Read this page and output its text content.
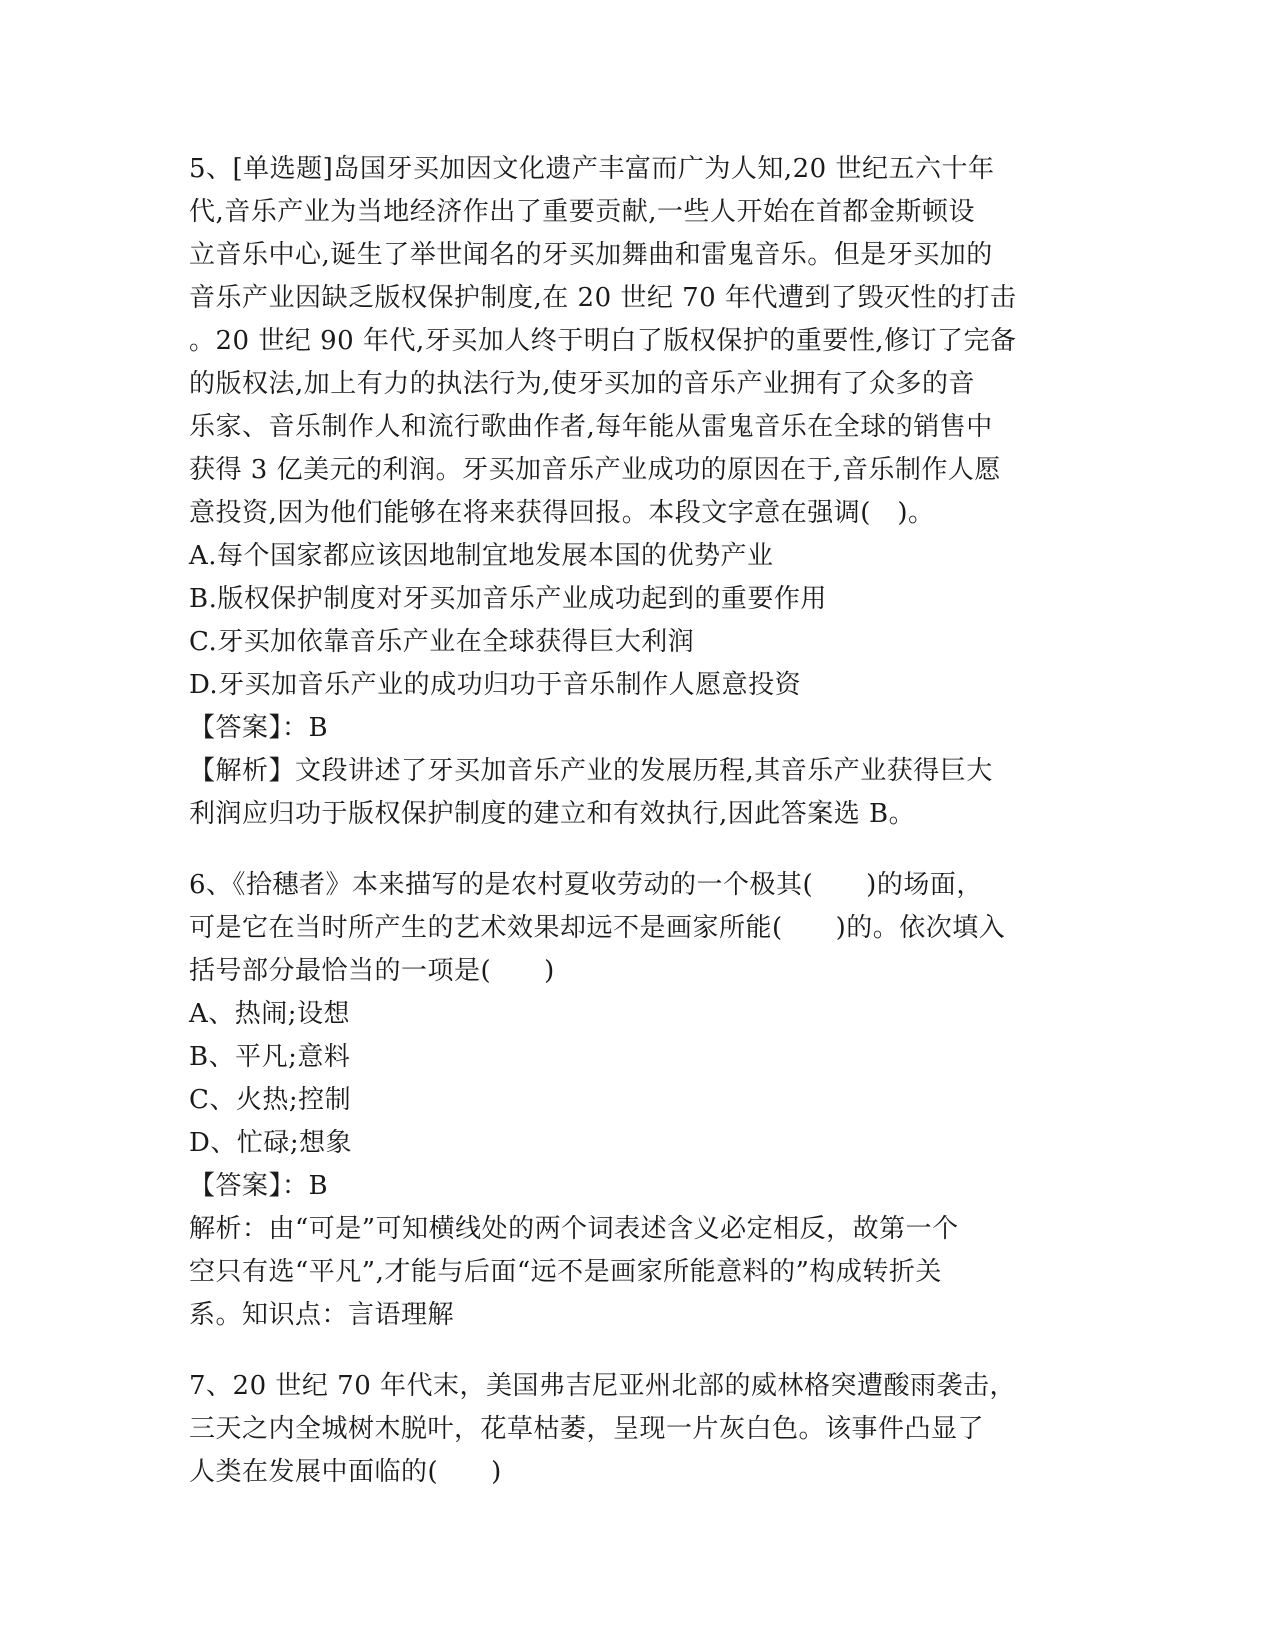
5、[单选题]岛国牙买加因文化遗产丰富而广为人知,20 世纪五六十年
代,音乐产业为当地经济作出了重要贡献,一些人开始在首都金斯顿设
立音乐中心,诞生了举世闻名的牙买加舞曲和雷鬼音乐。但是牙买加的
音乐产业因缺乏版权保护制度,在 20 世纪 70 年代遭到了毁灭性的打击
。20 世纪 90 年代,牙买加人终于明白了版权保护的重要性,修订了完备
的版权法,加上有力的执法行为,使牙买加的音乐产业拥有了众多的音
乐家、音乐制作人和流行歌曲作者,每年能从雷鬼音乐在全球的销售中
获得 3 亿美元的利润。牙买加音乐产业成功的原因在于,音乐制作人愿
意投资,因为他们能够在将来获得回报。本段文字意在强调(　)。
A.每个国家都应该因地制宜地发展本国的优势产业
B.版权保护制度对牙买加音乐产业成功起到的重要作用
C.牙买加依靠音乐产业在全球获得巨大利润
D.牙买加音乐产业的成功归功于音乐制作人愿意投资
【答案】：B
【解析】文段讲述了牙买加音乐产业的发展历程,其音乐产业获得巨大
利润应归功于版权保护制度的建立和有效执行,因此答案选 B。
6、《拾穗者》本来描写的是农村夏收劳动的一个极其(　　)的场面，
可是它在当时所产生的艺术效果却远不是画家所能(　　)的。依次填入
括号部分最恰当的一项是(　　)
A、热闹;设想
B、平凡;意料
C、火热;控制
D、忙碌;想象
【答案】：B
解析：由“可是”可知横线处的两个词表述含义必定相反，故第一个
空只有选“平凡”,才能与后面“远不是画家所能意料的”构成转折关
系。知识点：言语理解
7、20 世纪 70 年代末，美国弗吉尼亚州北部的威林格突遭酸雨袭击，
三天之内全城树木脱叶，花草枯萎，呈现一片灰白色。该事件凸显了
人类在发展中面临的(　　)
